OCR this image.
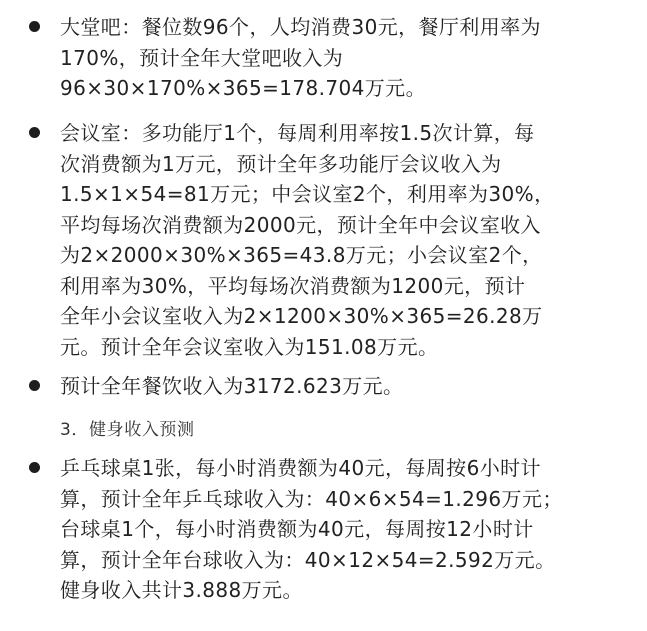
大堂吧：餐位数96个，人均消费30元，餐厅利用率为
170%，预计全年大堂吧收入为
96×30×170%×365=178.704万元。
会议室：多功能厅1个，每周利用率按1.5次计算，每
次消费额为1万元，预计全年多功能厅会议收入为
1.5×1×54=81万元；中会议室2个，利用率为30%，
平均每场次消费额为2000元，预计全年中会议室收入
为2×2000×30%×365=43.8万元；小会议室2个，
利用率为30%，平均每场次消费额为1200元，预计
全年小会议室收入为2×1200×30%×365=26.28万
元。预计全年会议室收入为151.08万元。
预计全年餐饮收入为3172.623万元。
3．健身收入预测
乒乓球桌1张，每小时消费额为40元，每周按6小时计
算，预计全年乒乓球收入为：40×6×54=1.296万元；
台球桌1个，每小时消费额为40元，每周按12小时计
算，预计全年台球收入为：40×12×54=2.592万元。
健身收入共计3.888万元。
